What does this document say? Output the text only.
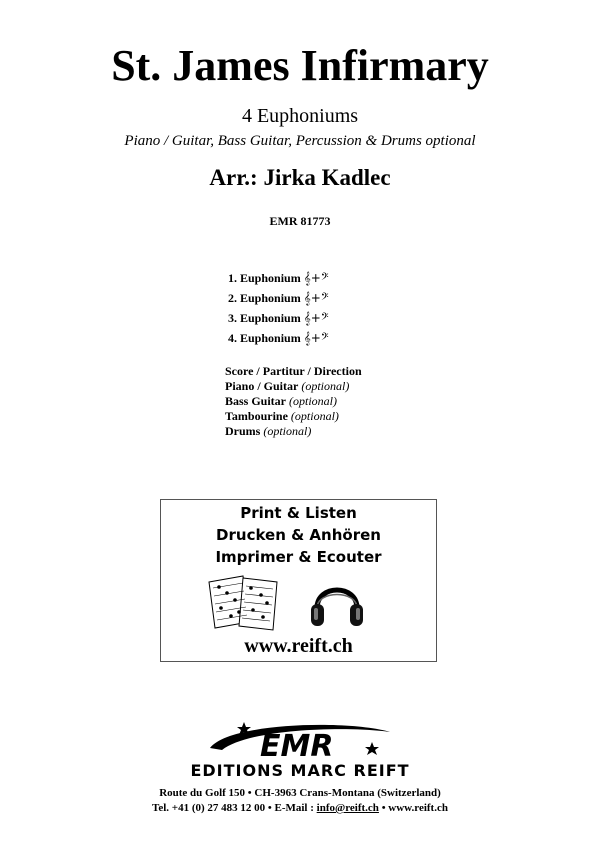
St. James Infirmary
4 Euphoniums
Piano / Guitar, Bass Guitar, Percussion & Drums optional
Arr.: Jirka Kadlec
EMR 81773
1. Euphonium 𝄞+𝄢
2. Euphonium 𝄞+𝄢
3. Euphonium 𝄞+𝄢
4. Euphonium 𝄞+𝄢
Score / Partitur / Direction
Piano / Guitar (optional)
Bass Guitar (optional)
Tambourine (optional)
Drums (optional)
Print & Listen
Drucken & Anhören
Imprimer & Ecouter
www.reift.ch
EMR
EDITIONS MARC REIFT
Route du Golf 150 • CH-3963 Crans-Montana (Switzerland)
Tel. +41 (0) 27 483 12 00 • E-Mail : info@reift.ch • www.reift.ch
